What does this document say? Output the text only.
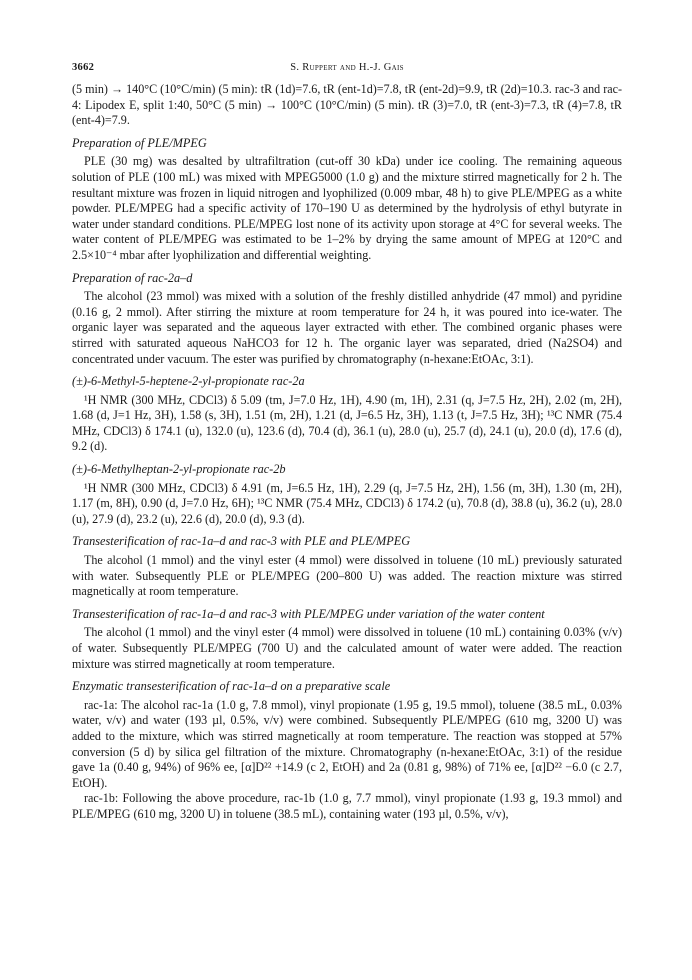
3662	S. Ruppert and H.-J. Gais

(5 min) → 140°C (10°C/min) (5 min): tR (1d)=7.6, tR (ent-1d)=7.8, tR (ent-2d)=9.9, tR (2d)=10.3. rac-3 and rac-4: Lipodex E, split 1:40, 50°C (5 min) → 100°C (10°C/min) (5 min). tR (3)=7.0, tR (ent-3)=7.3, tR (4)=7.8, tR (ent-4)=7.9.

Preparation of PLE/MPEG

PLE (30 mg) was desalted by ultrafiltration (cut-off 30 kDa) under ice cooling. The remaining aqueous solution of PLE (100 mL) was mixed with MPEG5000 (1.0 g) and the mixture stirred magnetically for 2 h. The resultant mixture was frozen in liquid nitrogen and lyophilized (0.009 mbar, 48 h) to give PLE/MPEG as a white powder. PLE/MPEG had a specific activity of 170–190 U as determined by the hydrolysis of ethyl butyrate in water under standard conditions. PLE/MPEG lost none of its activity upon storage at 4°C for several weeks. The water content of PLE/MPEG was estimated to be 1–2% by drying the same amount of MPEG at 120°C and 2.5×10⁻⁴ mbar after lyophilization and differential weighting.

Preparation of rac-2a–d

The alcohol (23 mmol) was mixed with a solution of the freshly distilled anhydride (47 mmol) and pyridine (0.16 g, 2 mmol). After stirring the mixture at room temperature for 24 h, it was poured into ice-water. The organic layer was separated and the aqueous layer extracted with ether. The combined organic phases were stirred with saturated aqueous NaHCO3 for 12 h. The organic layer was separated, dried (Na2SO4) and concentrated under vacuum. The ester was purified by chromatography (n-hexane:EtOAc, 3:1).

(±)-6-Methyl-5-heptene-2-yl-propionate rac-2a

¹H NMR (300 MHz, CDCl3) δ 5.09 (tm, J=7.0 Hz, 1H), 4.90 (m, 1H), 2.31 (q, J=7.5 Hz, 2H), 2.02 (m, 2H), 1.68 (d, J=1 Hz, 3H), 1.58 (s, 3H), 1.51 (m, 2H), 1.21 (d, J=6.5 Hz, 3H), 1.13 (t, J=7.5 Hz, 3H); ¹³C NMR (75.4 MHz, CDCl3) δ 174.1 (u), 132.0 (u), 123.6 (d), 70.4 (d), 36.1 (u), 28.0 (u), 25.7 (d), 24.1 (u), 20.0 (d), 17.6 (d), 9.2 (d).

(±)-6-Methylheptan-2-yl-propionate rac-2b

¹H NMR (300 MHz, CDCl3) δ 4.91 (m, J=6.5 Hz, 1H), 2.29 (q, J=7.5 Hz, 2H), 1.56 (m, 3H), 1.30 (m, 2H), 1.17 (m, 8H), 0.90 (d, J=7.0 Hz, 6H); ¹³C NMR (75.4 MHz, CDCl3) δ 174.2 (u), 70.8 (d), 38.8 (u), 36.2 (u), 28.0 (u), 27.9 (d), 23.2 (u), 22.6 (d), 20.0 (d), 9.3 (d).

Transesterification of rac-1a–d and rac-3 with PLE and PLE/MPEG

The alcohol (1 mmol) and the vinyl ester (4 mmol) were dissolved in toluene (10 mL) previously saturated with water. Subsequently PLE or PLE/MPEG (200–800 U) was added. The reaction mixture was stirred magnetically at room temperature.

Transesterification of rac-1a–d and rac-3 with PLE/MPEG under variation of the water content

The alcohol (1 mmol) and the vinyl ester (4 mmol) were dissolved in toluene (10 mL) containing 0.03% (v/v) of water. Subsequently PLE/MPEG (700 U) and the calculated amount of water were added. The reaction mixture was stirred magnetically at room temperature.

Enzymatic transesterification of rac-1a–d on a preparative scale

rac-1a: The alcohol rac-1a (1.0 g, 7.8 mmol), vinyl propionate (1.95 g, 19.5 mmol), toluene (38.5 mL, 0.03% water, v/v) and water (193 µl, 0.5%, v/v) were combined. Subsequently PLE/MPEG (610 mg, 3200 U) was added to the mixture, which was stirred magnetically at room temperature. The reaction was stopped at 57% conversion (5 d) by silica gel filtration of the mixture. Chromatography (n-hexane:EtOAc, 3:1) of the residue gave 1a (0.40 g, 94%) of 96% ee, [α]D²² +14.9 (c 2, EtOH) and 2a (0.81 g, 98%) of 71% ee, [α]D²² −6.0 (c 2.7, EtOH).

rac-1b: Following the above procedure, rac-1b (1.0 g, 7.7 mmol), vinyl propionate (1.93 g, 19.3 mmol) and PLE/MPEG (610 mg, 3200 U) in toluene (38.5 mL), containing water (193 µl, 0.5%, v/v),
